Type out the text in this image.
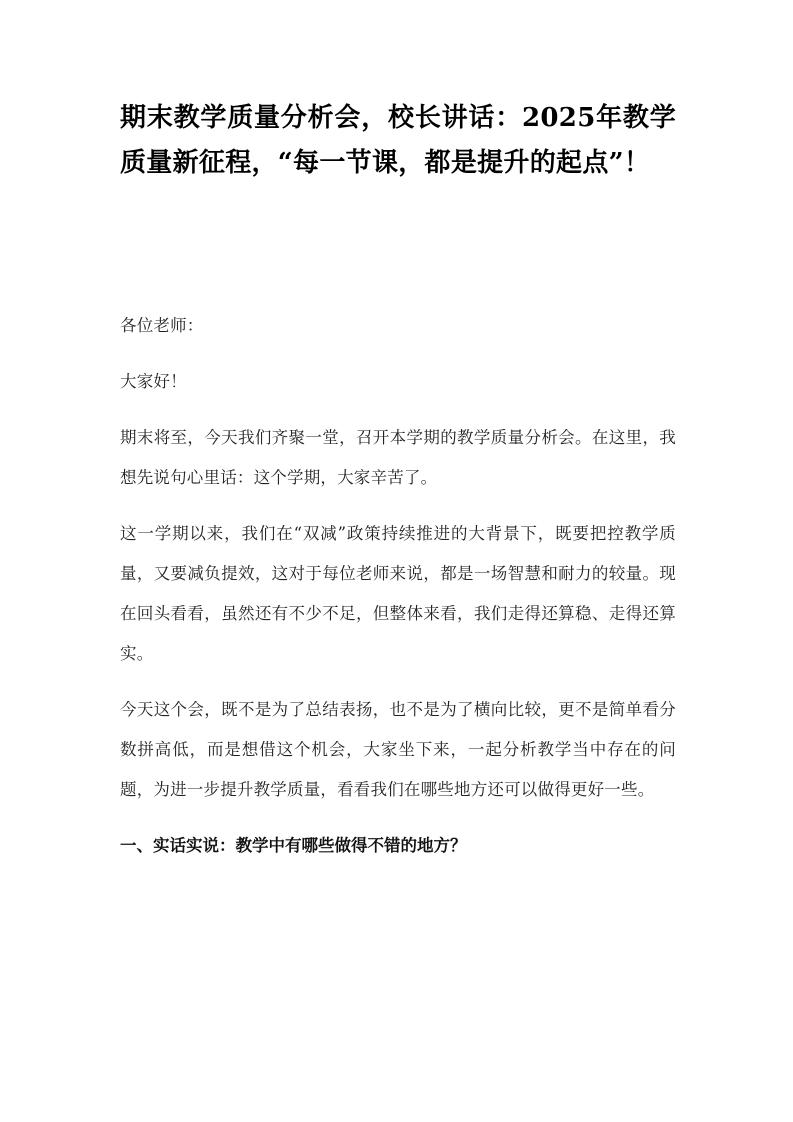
期末教学质量分析会，校长讲话：2025年教学质量新征程，“每一节课，都是提升的起点”！

各位老师：

大家好！

期末将至，今天我们齐聚一堂，召开本学期的教学质量分析会。在这里，我想先说句心里话：这个学期，大家辛苦了。

这一学期以来，我们在“双减”政策持续推进的大背景下，既要把控教学质量，又要减负提效，这对于每位老师来说，都是一场智慧和耐力的较量。现在回头看看，虽然还有不少不足，但整体来看，我们走得还算稳、走得还算实。

今天这个会，既不是为了总结表扬，也不是为了横向比较，更不是简单看分数拼高低，而是想借这个机会，大家坐下来，一起分析教学当中存在的问题，为进一步提升教学质量，看看我们在哪些地方还可以做得更好一些。

一、实话实说：教学中有哪些做得不错的地方？
